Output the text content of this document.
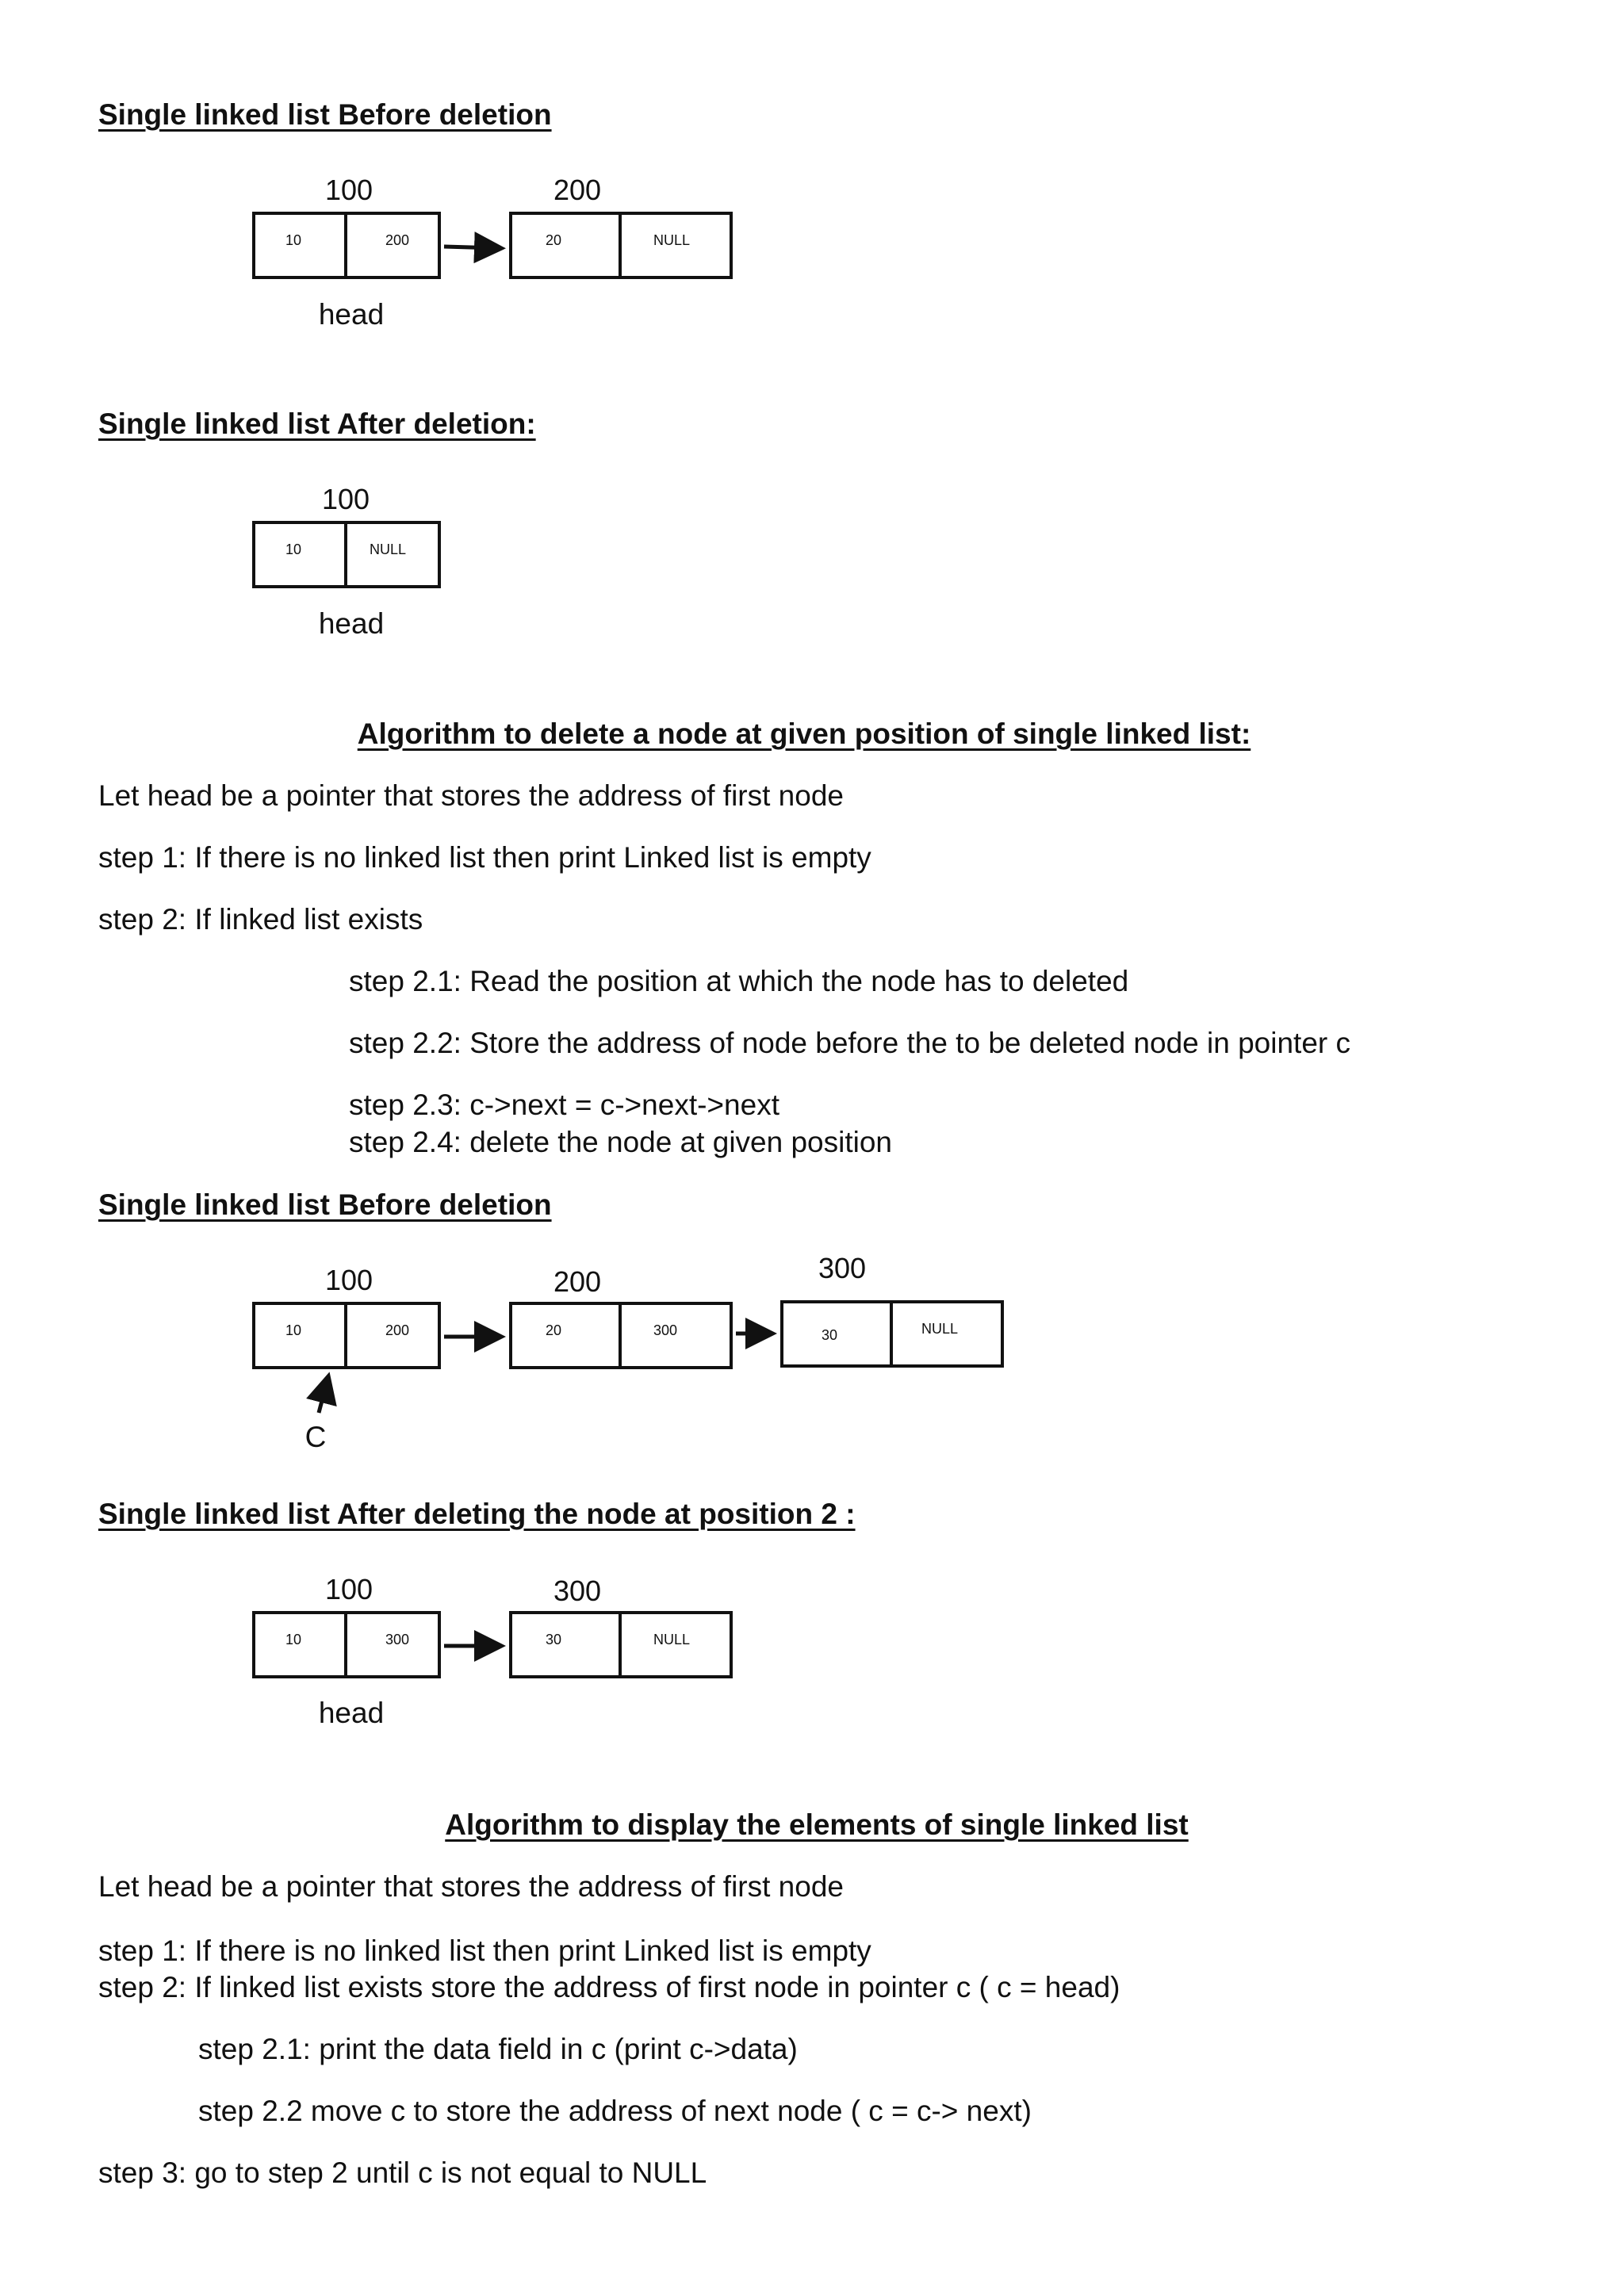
Single linked list Before deletion
100	200
10	200	20	NULL
head
Single linked list After deletion:
100
10	NULL
head
Algorithm to delete a node at given position of single linked list:
Let head be a pointer that stores the address of first node
step 1: If there is no linked list then print Linked list is empty
step 2: If linked list exists
step 2.1: Read the position at which the node has to deleted
step 2.2: Store the address of node before the to be deleted node in pointer c
step 2.3: c->next = c->next->next
step 2.4: delete the node at given position
Single linked list Before deletion
100	200	300
10	200	20	300	30	NULL
C
Single linked list After deleting the node at position 2 :
100	300
10	300	30	NULL
head
Algorithm to display the elements of single linked list
Let head be a pointer that stores the address of first node
step 1: If there is no linked list then print Linked list is empty
step 2: If linked list exists store the address of first node in pointer c ( c = head)
step 2.1: print the data field in c (print c->data)
step 2.2 move c to store the address of next node ( c = c-> next)
step 3: go to step 2 until c is not equal to NULL
